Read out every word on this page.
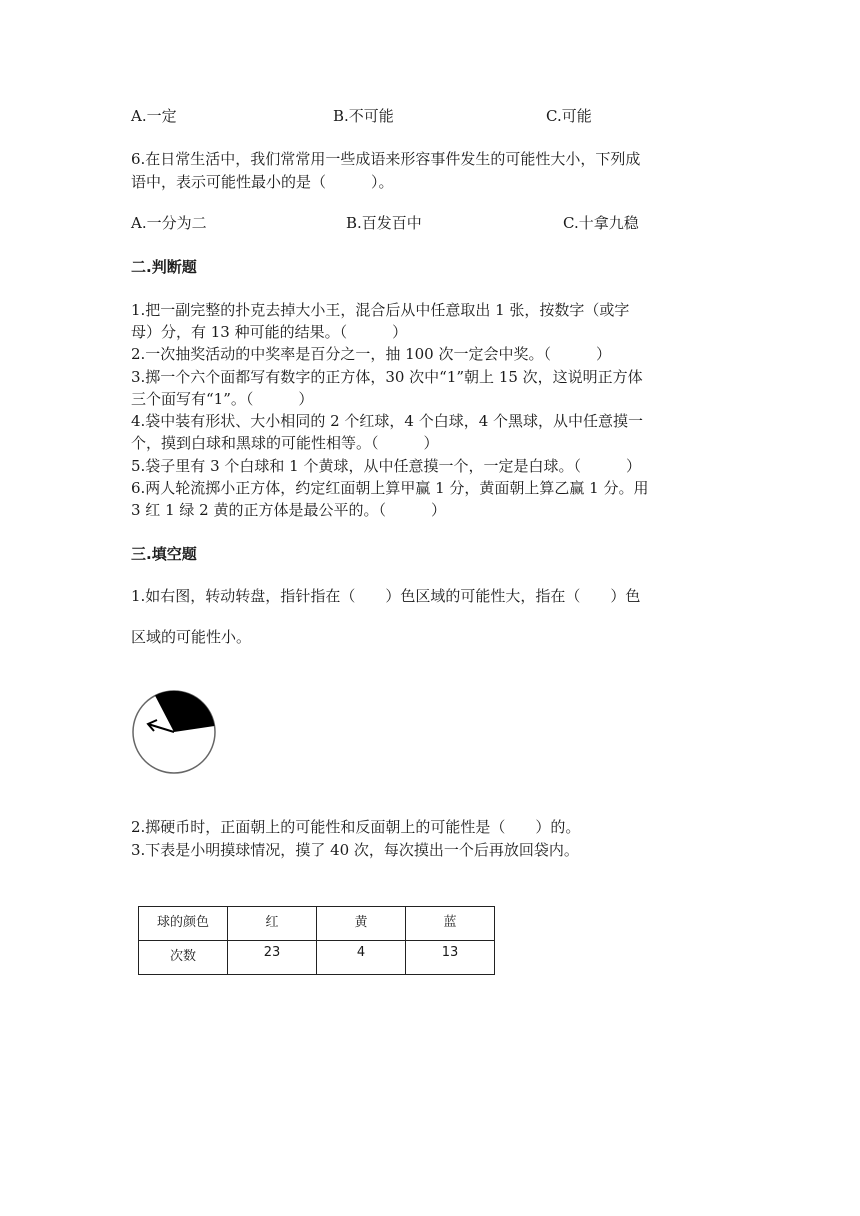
A.一定	B.不可能	C.可能
6.在日常生活中，我们常常用一些成语来形容事件发生的可能性大小，下列成
语中，表示可能性最小的是（　　　）。
A.一分为二	B.百发百中	C.十拿九稳
二.判断题
1.把一副完整的扑克去掉大小王，混合后从中任意取出 1 张，按数字（或字
母）分，有 13 种可能的结果。（　　　）
2.一次抽奖活动的中奖率是百分之一，抽 100 次一定会中奖。（　　　）
3.掷一个六个面都写有数字的正方体，30 次中“1”朝上 15 次，这说明正方体
三个面写有“1”。（　　　）
4.袋中装有形状、大小相同的 2 个红球，4 个白球，4 个黑球，从中任意摸一
个，摸到白球和黑球的可能性相等。（　　　）
5.袋子里有 3 个白球和 1 个黄球，从中任意摸一个，一定是白球。（　　　）
6.两人轮流掷小正方体，约定红面朝上算甲赢 1 分，黄面朝上算乙赢 1 分。用
3 红 1 绿 2 黄的正方体是最公平的。（　　　）
三.填空题
1.如右图，转动转盘，指针指在（　　）色区域的可能性大，指在（　　）色
区域的可能性小。
2.掷硬币时，正面朝上的可能性和反面朝上的可能性是（　　）的。
3.下表是小明摸球情况，摸了 40 次，每次摸出一个后再放回袋内。
球的颜色	红	黄	蓝
次数	23	4	13
